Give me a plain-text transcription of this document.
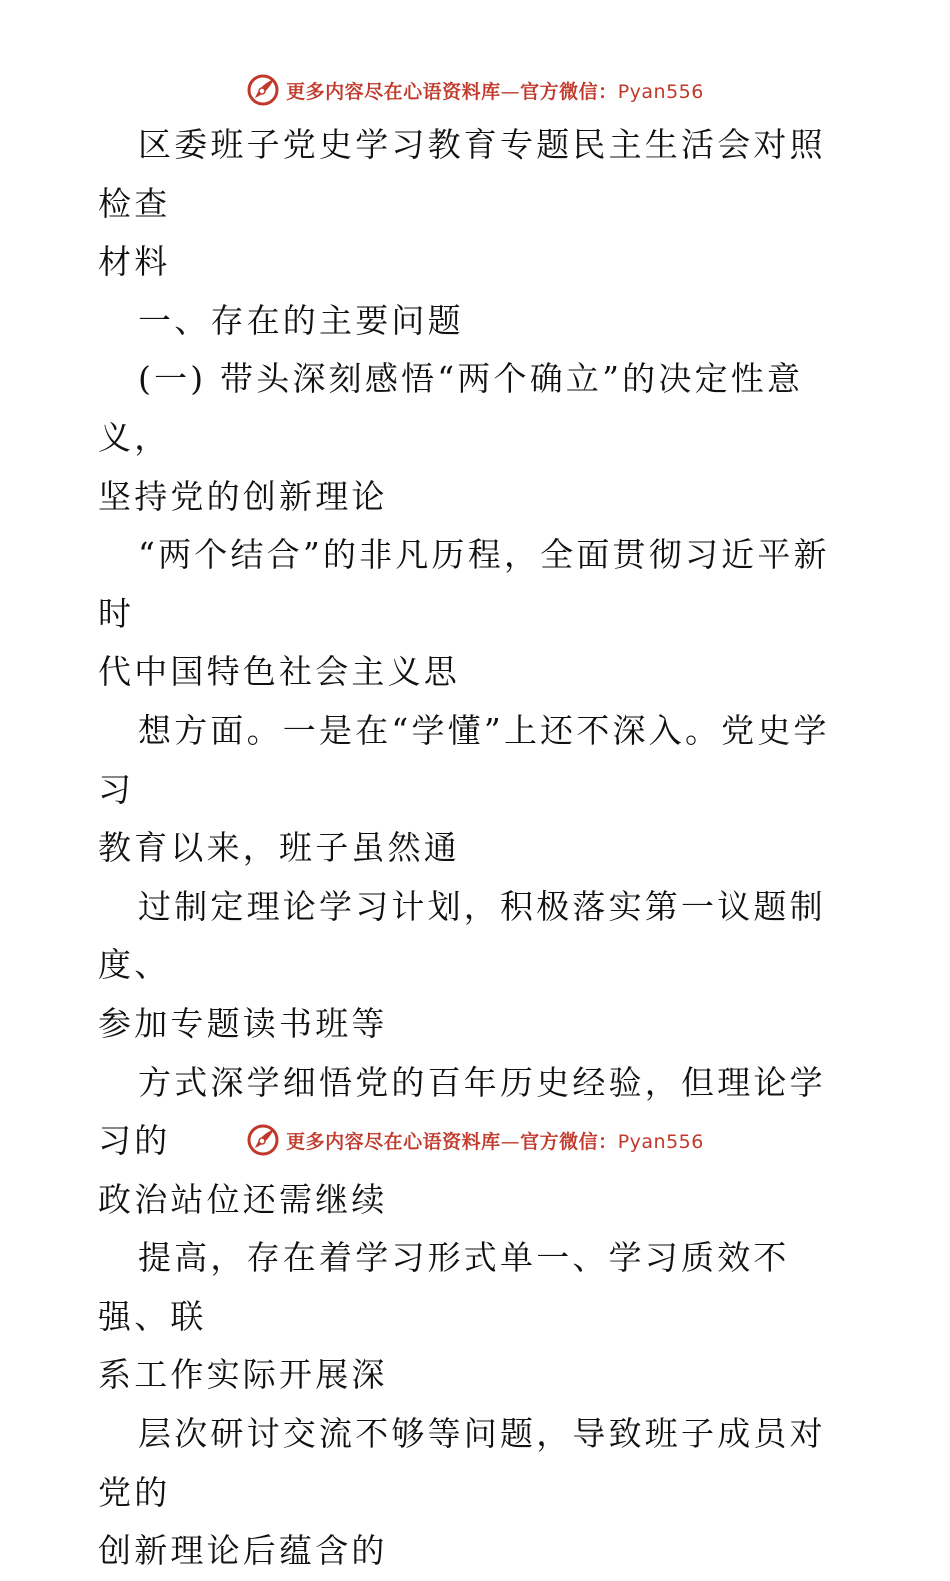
更多内容尽在心语资料库—官方微信：Pyan556

区委班子党史学习教育专题民主生活会对照检查
材料

一、存在的主要问题

(一) 带头深刻感悟“两个确立”的决定性意义，
坚持党的创新理论

“两个结合”的非凡历程，全面贯彻习近平新时
代中国特色社会主义思

想方面。一是在“学懂”上还不深入。党史学习
教育以来，班子虽然通

过制定理论学习计划，积极落实第一议题制度、
参加专题读书班等

方式深学细悟党的百年历史经验，但理论学习的
政治站位还需继续

提高，存在着学习形式单一、学习质效不强、联
系工作实际开展深

层次研讨交流不够等问题，导致班子成员对党的
创新理论后蕴含的

更多内容尽在心语资料库—官方微信：Pyan556
